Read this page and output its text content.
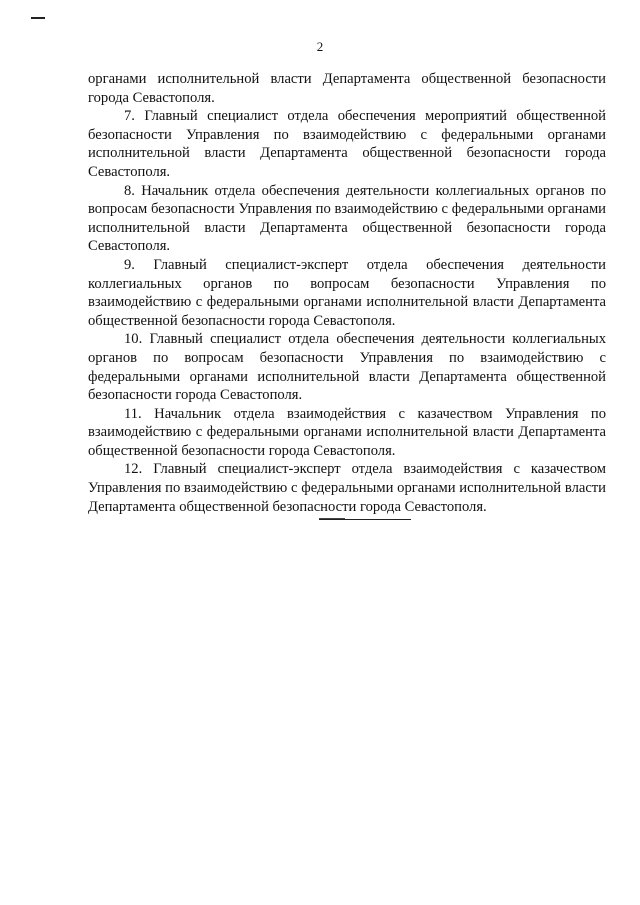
2

органами исполнительной власти Департамента общественной безопасности города Севастополя.

7. Главный специалист отдела обеспечения мероприятий общественной безопасности Управления по взаимодействию с федеральными органами исполнительной власти Департамента общественной безопасности города Севастополя.

8. Начальник отдела обеспечения деятельности коллегиальных органов по вопросам безопасности Управления по взаимодействию с федеральными органами исполнительной власти Департамента общественной безопасности города Севастополя.

9. Главный специалист-эксперт отдела обеспечения деятельности коллегиальных органов по вопросам безопасности Управления по взаимодействию с федеральными органами исполнительной власти Департамента общественной безопасности города Севастополя.

10. Главный специалист отдела обеспечения деятельности коллегиальных органов по вопросам безопасности Управления по взаимодействию с федеральными органами исполнительной власти Департамента общественной безопасности города Севастополя.

11. Начальник отдела взаимодействия с казачеством Управления по взаимодействию с федеральными органами исполнительной власти Департамента общественной безопасности города Севастополя.

12. Главный специалист-эксперт отдела взаимодействия с казачеством Управления по взаимодействию с федеральными органами исполнительной власти Департамента общественной безопасности города Севастополя.
